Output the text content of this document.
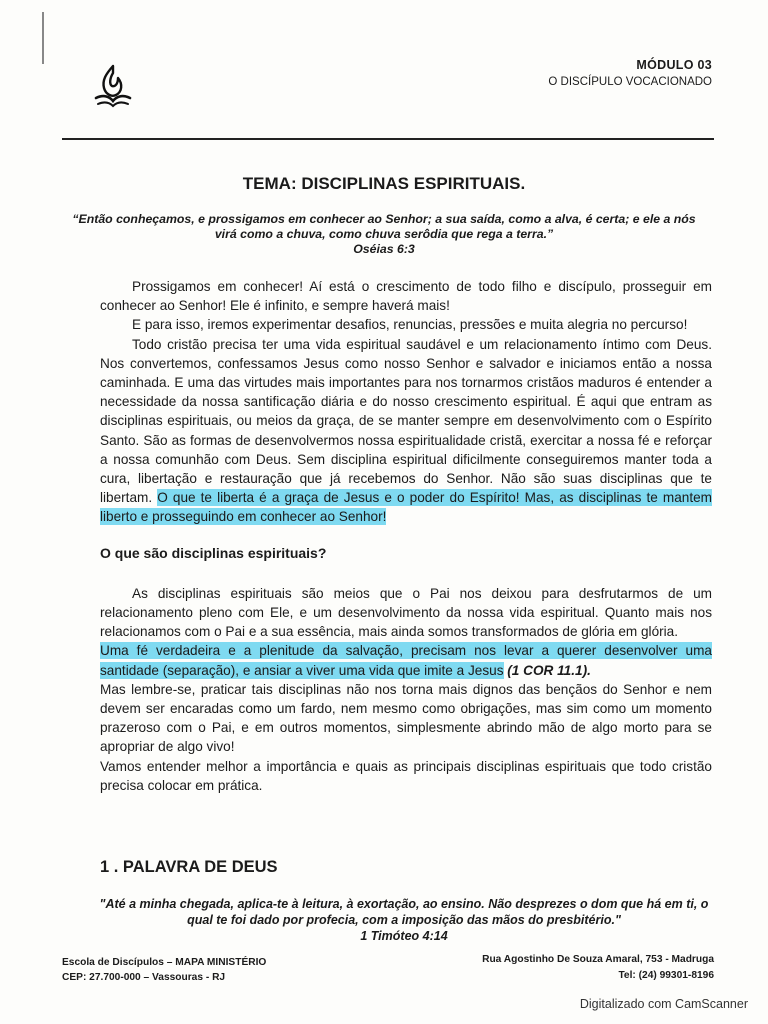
MÓDULO 03
O DISCÍPULO VOCACIONADO
TEMA: DISCIPLINAS ESPIRITUAIS.
“Então conheçamos, e prossigamos em conhecer ao Senhor; a sua saída, como a alva, é certa; e ele a nós virá como a chuva, como chuva serôdia que rega a terra.”
Oséias 6:3

Prossigamos em conhecer! Aí está o crescimento de todo filho e discípulo, prosseguir em conhecer ao Senhor! Ele é infinito, e sempre haverá mais!

E para isso, iremos experimentar desafios, renuncias, pressões e muita alegria no percurso!

Todo cristão precisa ter uma vida espiritual saudável e um relacionamento íntimo com Deus. Nos convertemos, confessamos Jesus como nosso Senhor e salvador e iniciamos então a nossa caminhada. E uma das virtudes mais importantes para nos tornarmos cristãos maduros é entender a necessidade da nossa santificação diária e do nosso crescimento espiritual. É aqui que entram as disciplinas espirituais, ou meios da graça, de se manter sempre em desenvolvimento com o Espírito Santo. São as formas de desenvolvermos nossa espiritualidade cristã, exercitar a nossa fé e reforçar a nossa comunhão com Deus. Sem disciplina espiritual dificilmente conseguiremos manter toda a cura, libertação e restauração que já recebemos do Senhor. Não são suas disciplinas que te libertam. O que te liberta é a graça de Jesus e o poder do Espírito! Mas, as disciplinas te mantem liberto e prosseguindo em conhecer ao Senhor!

O que são disciplinas espirituais?

As disciplinas espirituais são meios que o Pai nos deixou para desfrutarmos de um relacionamento pleno com Ele, e um desenvolvimento da nossa vida espiritual. Quanto mais nos relacionamos com o Pai e a sua essência, mais ainda somos transformados de glória em glória.

Uma fé verdadeira e a plenitude da salvação, precisam nos levar a querer desenvolver uma santidade (separação), e ansiar a viver uma vida que imite a Jesus (1 COR 11.1).

Mas lembre-se, praticar tais disciplinas não nos torna mais dignos das bençãos do Senhor e nem devem ser encaradas como um fardo, nem mesmo como obrigações, mas sim como um momento prazeroso com o Pai, e em outros momentos, simplesmente abrindo mão de algo morto para se apropriar de algo vivo!

Vamos entender melhor a importância e quais as principais disciplinas espirituais que todo cristão precisa colocar em prática.

1 . PALAVRA DE DEUS
"Até a minha chegada, aplica-te à leitura, à exortação, ao ensino. Não desprezes o dom que há em ti, o qual te foi dado por profecia, com a imposição das mãos do presbitério."
1 Timóteo 4:14
Escola de Discípulos – MAPA MINISTÉRIO
CEP: 27.700-000 – Vassouras - RJ
Rua Agostinho De Souza Amaral, 753 - Madruga
Tel: (24) 99301-8196
Digitalizado com CamScanner
